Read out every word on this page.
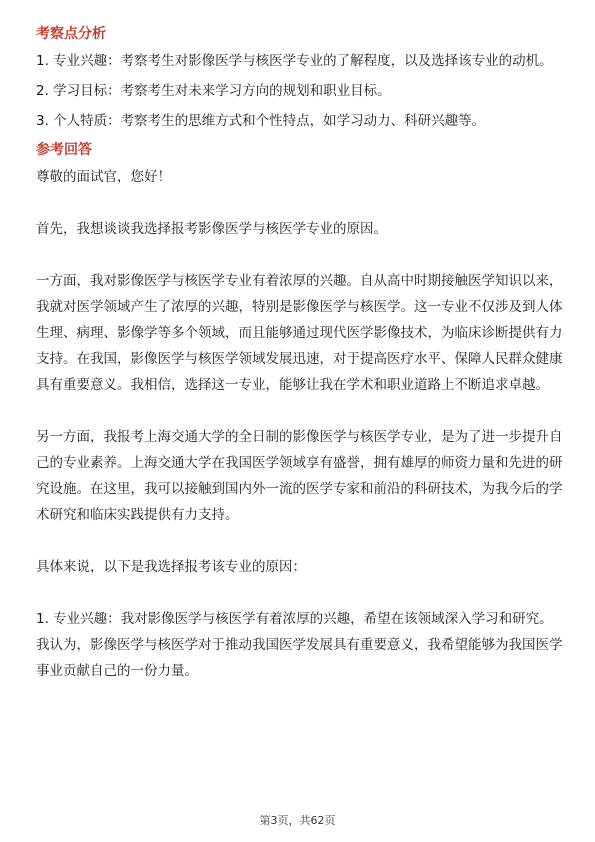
考察点分析

1. 专业兴趣：考察考生对影像医学与核医学专业的了解程度，以及选择该专业的动机。

2. 学习目标：考察考生对未来学习方向的规划和职业目标。

3. 个人特质：考察考生的思维方式和个性特点，如学习动力、科研兴趣等。

参考回答

尊敬的面试官，您好！

首先，我想谈谈我选择报考影像医学与核医学专业的原因。

一方面，我对影像医学与核医学专业有着浓厚的兴趣。自从高中时期接触医学知识以来，我就对医学领域产生了浓厚的兴趣，特别是影像医学与核医学。这一专业不仅涉及到人体生理、病理、影像学等多个领域，而且能够通过现代医学影像技术，为临床诊断提供有力支持。在我国，影像医学与核医学领域发展迅速，对于提高医疗水平、保障人民群众健康具有重要意义。我相信，选择这一专业，能够让我在学术和职业道路上不断追求卓越。

另一方面，我报考上海交通大学的全日制的影像医学与核医学专业，是为了进一步提升自己的专业素养。上海交通大学在我国医学领域享有盛誉，拥有雄厚的师资力量和先进的研究设施。在这里，我可以接触到国内外一流的医学专家和前沿的科研技术，为我今后的学术研究和临床实践提供有力支持。

具体来说，以下是我选择报考该专业的原因：

1. 专业兴趣：我对影像医学与核医学有着浓厚的兴趣，希望在该领域深入学习和研究。我认为，影像医学与核医学对于推动我国医学发展具有重要意义，我希望能够为我国医学事业贡献自己的一份力量。

第3页，共62页
